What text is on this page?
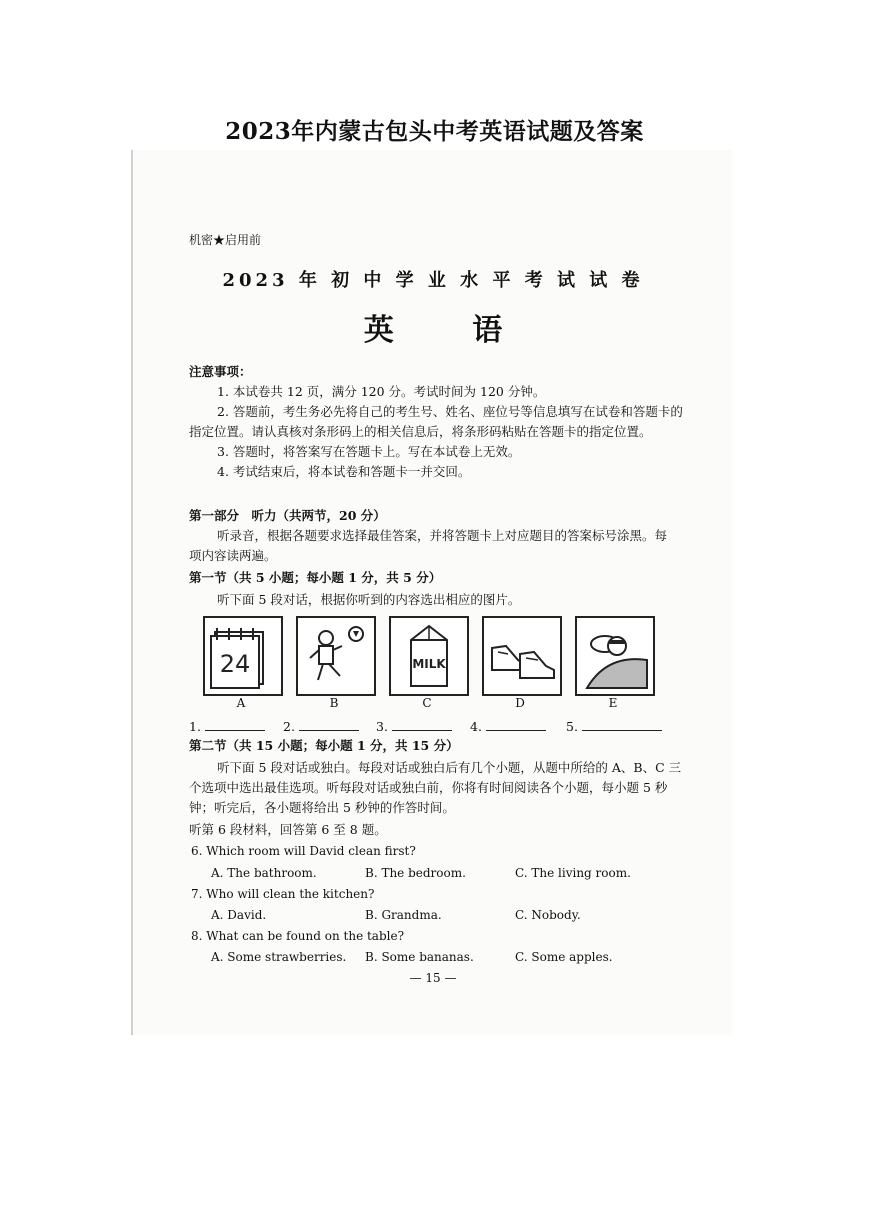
2023年内蒙古包头中考英语试题及答案
机密★启用前
2023 年 初 中 学 业 水 平 考 试 试 卷
英 语
注意事项：
1. 本试卷共 12 页，满分 120 分。考试时间为 120 分钟。
2. 答题前，考生务必先将自己的考生号、姓名、座位号等信息填写在试卷和答题卡的
指定位置。请认真核对条形码上的相关信息后，将条形码粘贴在答题卡的指定位置。
3. 答题时，将答案写在答题卡上。写在本试卷上无效。
4. 考试结束后，将本试卷和答题卡一并交回。
第一部分　听力（共两节，20 分）
听录音，根据各题要求选择最佳答案，并将答题卡上对应题目的答案标号涂黑。每
项内容读两遍。
第一节（共 5 小题；每小题 1 分，共 5 分）
听下面 5 段对话，根据你听到的内容选出相应的图片。
24
A	B
MILK
C	D	E
1.	2.	3.	4.	5.
第二节（共 15 小题；每小题 1 分，共 15 分）
听下面 5 段对话或独白。每段对话或独白后有几个小题，从题中所给的 A、B、C 三
个选项中选出最佳选项。听每段对话或独白前，你将有时间阅读各个小题，每小题 5 秒
钟；听完后，各小题将给出 5 秒钟的作答时间。
听第 6 段材料，回答第 6 至 8 题。
6. Which room will David clean first?
A. The bathroom.	B. The bedroom.	C. The living room.
7. Who will clean the kitchen?
A. David.	B. Grandma.	C. Nobody.
8. What can be found on the table?
A. Some strawberries. B. Some bananas.	C. Some apples.
— 15 —
